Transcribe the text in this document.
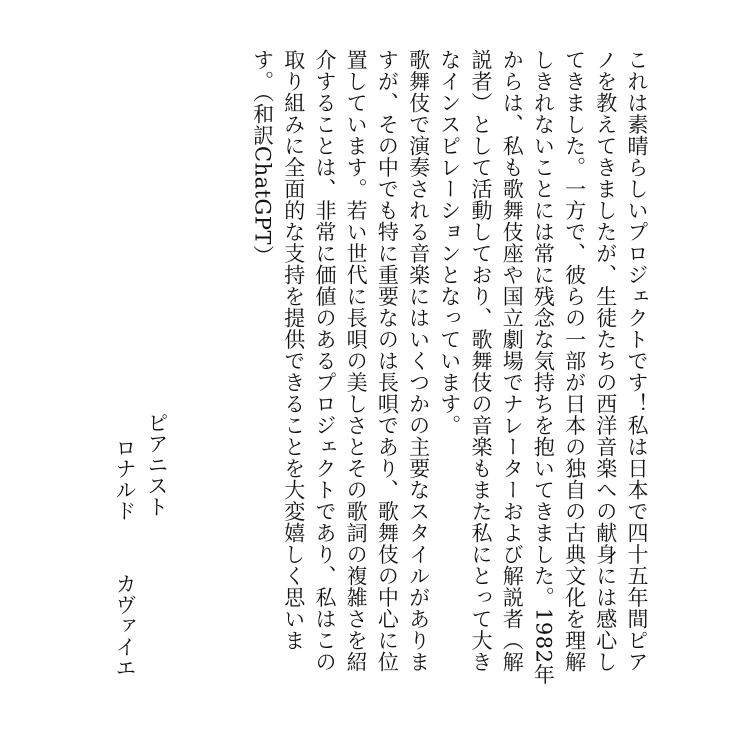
これは素晴らしいプロジェクトです！私は日本で四十五年間ピアノを教えてきましたが、生徒たちの西洋音楽への献身には感心してきました。一方で、彼らの一部が日本の独自の古典文化を理解しきれないことには常に残念な気持ちを抱いてきました。1982年からは、私も歌舞伎座や国立劇場でナレーターおよび解説者（解説者）として活動しており、歌舞伎の音楽もまた私にとって大きなインスピレーションとなっています。

歌舞伎で演奏される音楽にはいくつかの主要なスタイルがありますが、その中でも特に重要なのは長唄であり、歌舞伎の中心に位置しています。若い世代に長唄の美しさとその歌詞の複雑さを紹介することは、非常に価値のあるプロジェクトであり、私はこの取り組みに全面的な支持を提供できることを大変嬉しく思います。（和訳ChatGPT）

ピアニスト
ロナルドカヴァイエ
